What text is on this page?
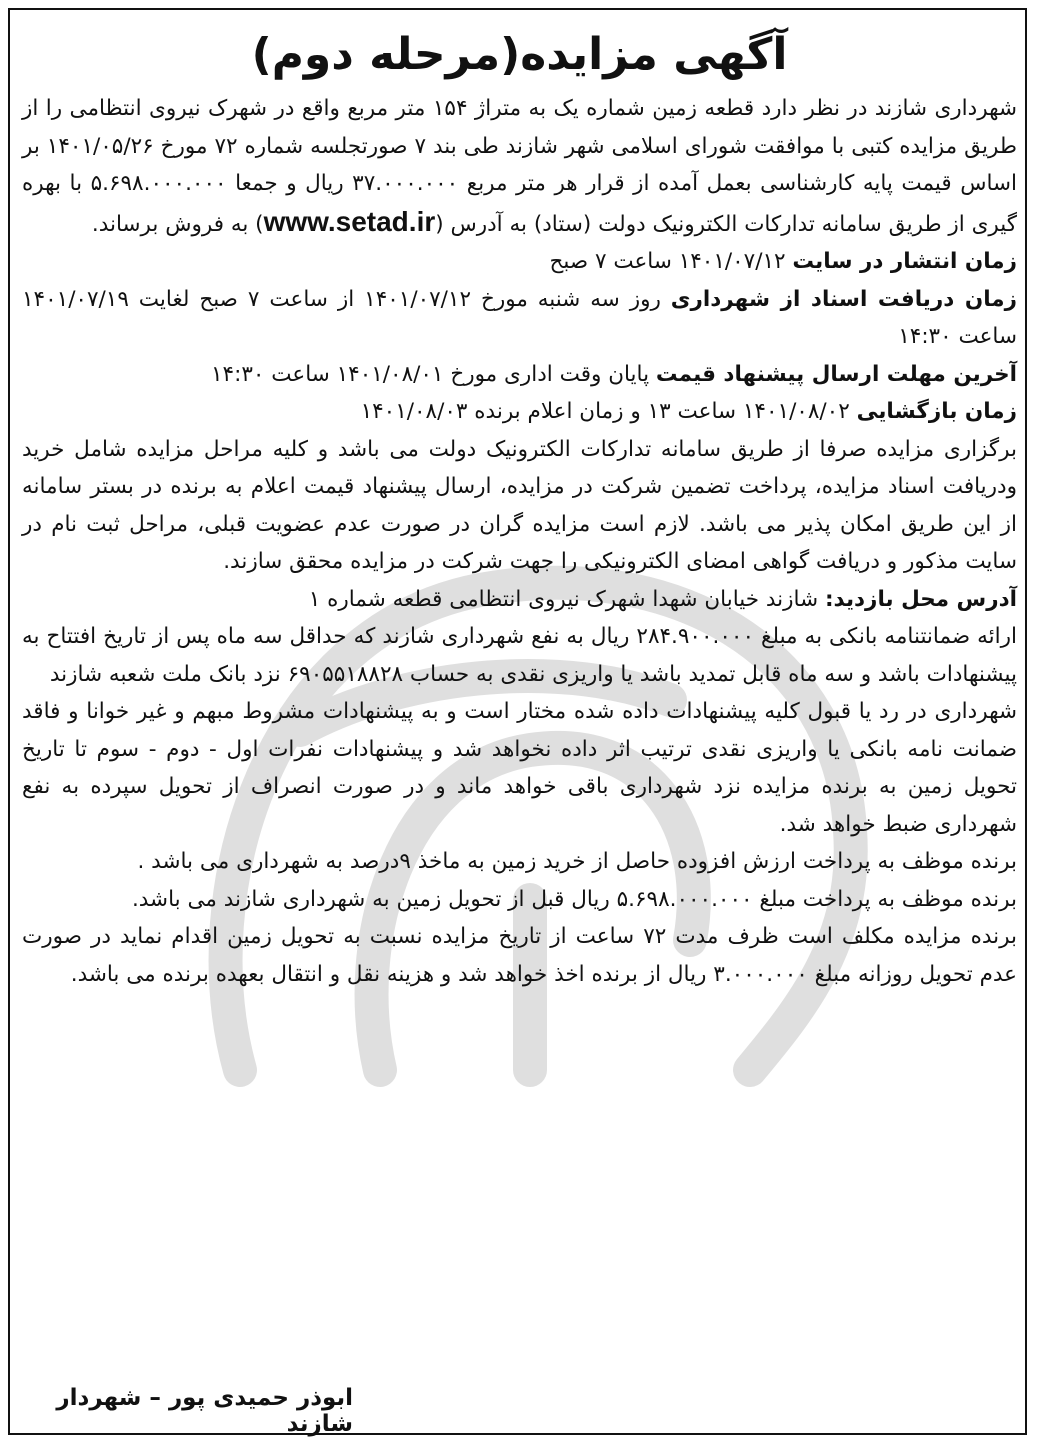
آگهی مزایده(مرحله دوم)

شهرداری شازند در نظر دارد قطعه زمین شماره یک به متراژ ۱۵۴ متر مربع واقع در شهرک نیروی انتظامی را از طریق مزایده کتبی با موافقت شورای اسلامی شهر شازند طی بند ۷ صورتجلسه شماره ۷۲ مورخ ۱۴۰۱/۰۵/۲۶ بر اساس قیمت پایه کارشناسی بعمل آمده از قرار هر متر مربع ۳۷.۰۰۰.۰۰۰ ریال و جمعا ۵.۶۹۸.۰۰۰.۰۰۰ با بهره گیری از طریق سامانه تدارکات الکترونیک دولت (ستاد) به آدرس (www.setad.ir) به فروش برساند.

زمان انتشار در سایت ۱۴۰۱/۰۷/۱۲ ساعت ۷ صبح

زمان دریافت اسناد از شهرداری روز سه شنبه مورخ ۱۴۰۱/۰۷/۱۲ از ساعت ۷ صبح لغایت ۱۴۰۱/۰۷/۱۹ ساعت ۱۴:۳۰

آخرین مهلت ارسال پیشنهاد قیمت پایان وقت اداری مورخ ۱۴۰۱/۰۸/۰۱ ساعت ۱۴:۳۰

زمان بازگشایی ۱۴۰۱/۰۸/۰۲ ساعت ۱۳ و زمان اعلام برنده ۱۴۰۱/۰۸/۰۳

برگزاری مزایده صرفا از طریق سامانه تدارکات الکترونیک دولت می باشد و کلیه مراحل مزایده شامل خرید ودریافت اسناد مزایده، پرداخت تضمین شرکت در مزایده، ارسال پیشنهاد قیمت اعلام به برنده در بستر سامانه از این طریق امکان پذیر می باشد. لازم است مزایده گران در صورت عدم عضویت قبلی، مراحل ثبت نام در سایت مذکور و دریافت گواهی امضای الکترونیکی را جهت شرکت در مزایده محقق سازند.

آدرس محل بازدید: شازند خیابان شهدا شهرک نیروی انتظامی قطعه شماره ۱

ارائه ضمانتنامه بانکی به مبلغ ۲۸۴.۹۰۰.۰۰۰ ریال به نفع شهرداری شازند که حداقل سه ماه پس از تاریخ افتتاح به پیشنهادات باشد و سه ماه قابل تمدید باشد یا واریزی نقدی به حساب ۶۹۰۵۵۱۸۸۲۸ نزد بانک ملت شعبه شازند

شهرداری در رد یا قبول کلیه پیشنهادات داده شده مختار است و به پیشنهادات مشروط مبهم و غیر خوانا و فاقد ضمانت نامه بانکی یا واریزی نقدی ترتیب اثر داده نخواهد شد و پیشنهادات نفرات اول - دوم - سوم تا تاریخ تحویل زمین به برنده مزایده نزد شهرداری باقی خواهد ماند و در صورت انصراف از تحویل سپرده به نفع شهرداری ضبط خواهد شد.

برنده موظف به پرداخت ارزش افزوده حاصل از خرید زمین به ماخذ ۹درصد به شهرداری می باشد .

برنده موظف به پرداخت مبلغ ۵.۶۹۸.۰۰۰.۰۰۰ ریال قبل از تحویل زمین به شهرداری شازند می باشد.

برنده مزایده مکلف است ظرف مدت ۷۲ ساعت از تاریخ مزایده نسبت به تحویل زمین اقدام نماید در صورت عدم تحویل روزانه مبلغ ۳.۰۰۰.۰۰۰ ریال از برنده اخذ خواهد شد و هزینه نقل و انتقال بعهده برنده می باشد.

ابوذر حمیدی پور – شهردار شازند
